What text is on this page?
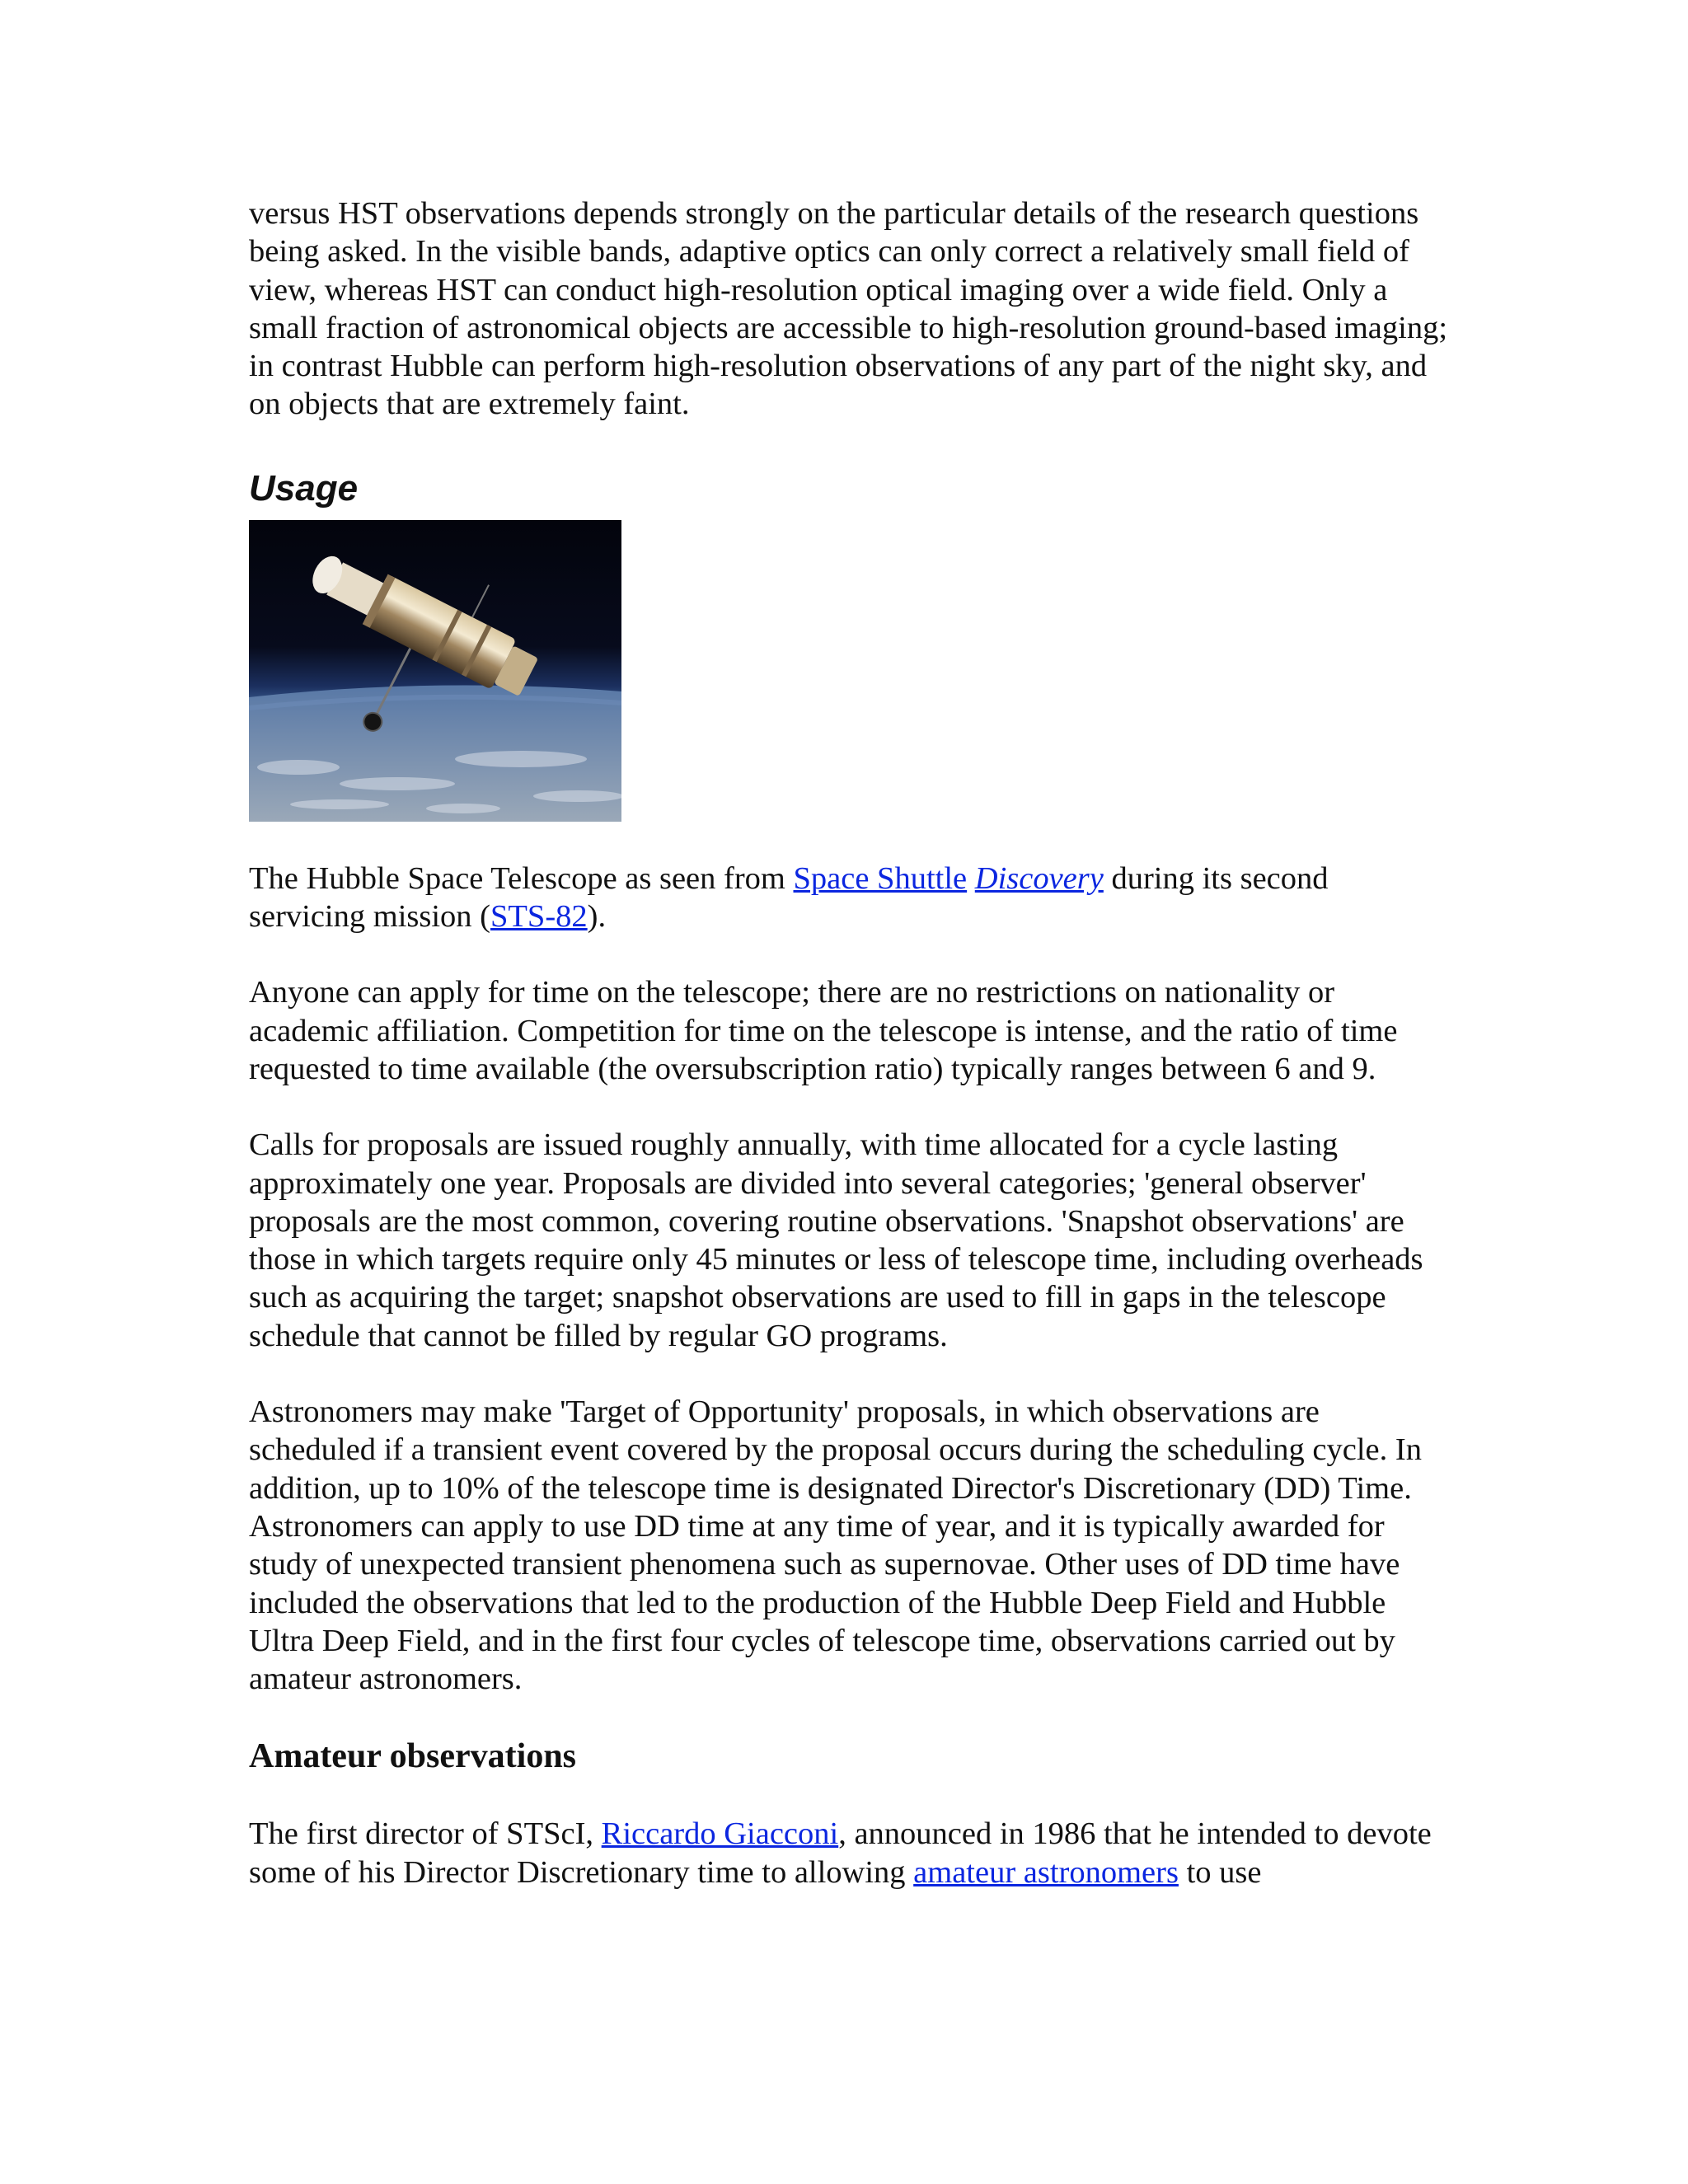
versus HST observations depends strongly on the particular details of the research questions being asked. In the visible bands, adaptive optics can only correct a relatively small field of view, whereas HST can conduct high-resolution optical imaging over a wide field. Only a small fraction of astronomical objects are accessible to high-resolution ground-based imaging; in contrast Hubble can perform high-resolution observations of any part of the night sky, and on objects that are extremely faint.

Usage

The Hubble Space Telescope as seen from Space Shuttle Discovery during its second servicing mission (STS-82).

Anyone can apply for time on the telescope; there are no restrictions on nationality or academic affiliation. Competition for time on the telescope is intense, and the ratio of time requested to time available (the oversubscription ratio) typically ranges between 6 and 9.

Calls for proposals are issued roughly annually, with time allocated for a cycle lasting approximately one year. Proposals are divided into several categories; 'general observer' proposals are the most common, covering routine observations. 'Snapshot observations' are those in which targets require only 45 minutes or less of telescope time, including overheads such as acquiring the target; snapshot observations are used to fill in gaps in the telescope schedule that cannot be filled by regular GO programs.

Astronomers may make 'Target of Opportunity' proposals, in which observations are scheduled if a transient event covered by the proposal occurs during the scheduling cycle. In addition, up to 10% of the telescope time is designated Director's Discretionary (DD) Time. Astronomers can apply to use DD time at any time of year, and it is typically awarded for study of unexpected transient phenomena such as supernovae. Other uses of DD time have included the observations that led to the production of the Hubble Deep Field and Hubble Ultra Deep Field, and in the first four cycles of telescope time, observations carried out by amateur astronomers.

Amateur observations

The first director of STScI, Riccardo Giacconi, announced in 1986 that he intended to devote some of his Director Discretionary time to allowing amateur astronomers to use
